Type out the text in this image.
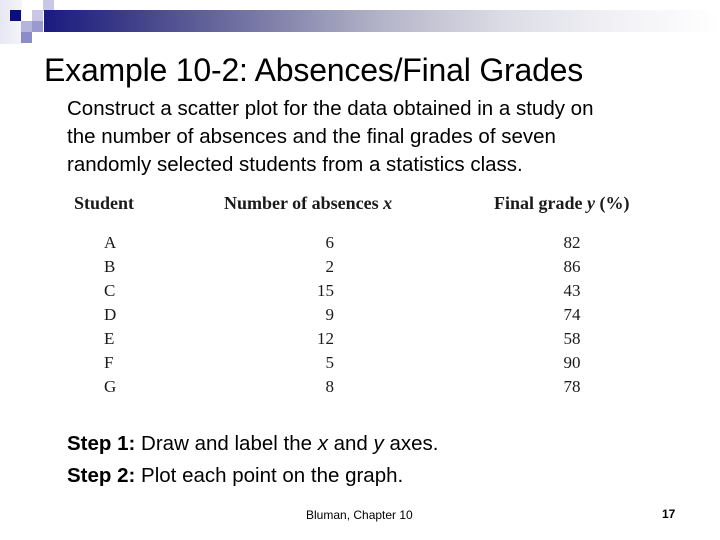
Example 10-2: Absences/Final Grades

Construct a scatter plot for the data obtained in a study on

the number of absences and the final grades of seven

randomly selected students from a statistics class.

Student	Number of absences x	Final grade y (%)
A	6	82
B	2	86
C	15	43
D	9	74
E	12	58
F	5	90
G	8	78

Step 1: Draw and label the x and y axes.

Step 2: Plot each point on the graph.

Bluman, Chapter 10	17
